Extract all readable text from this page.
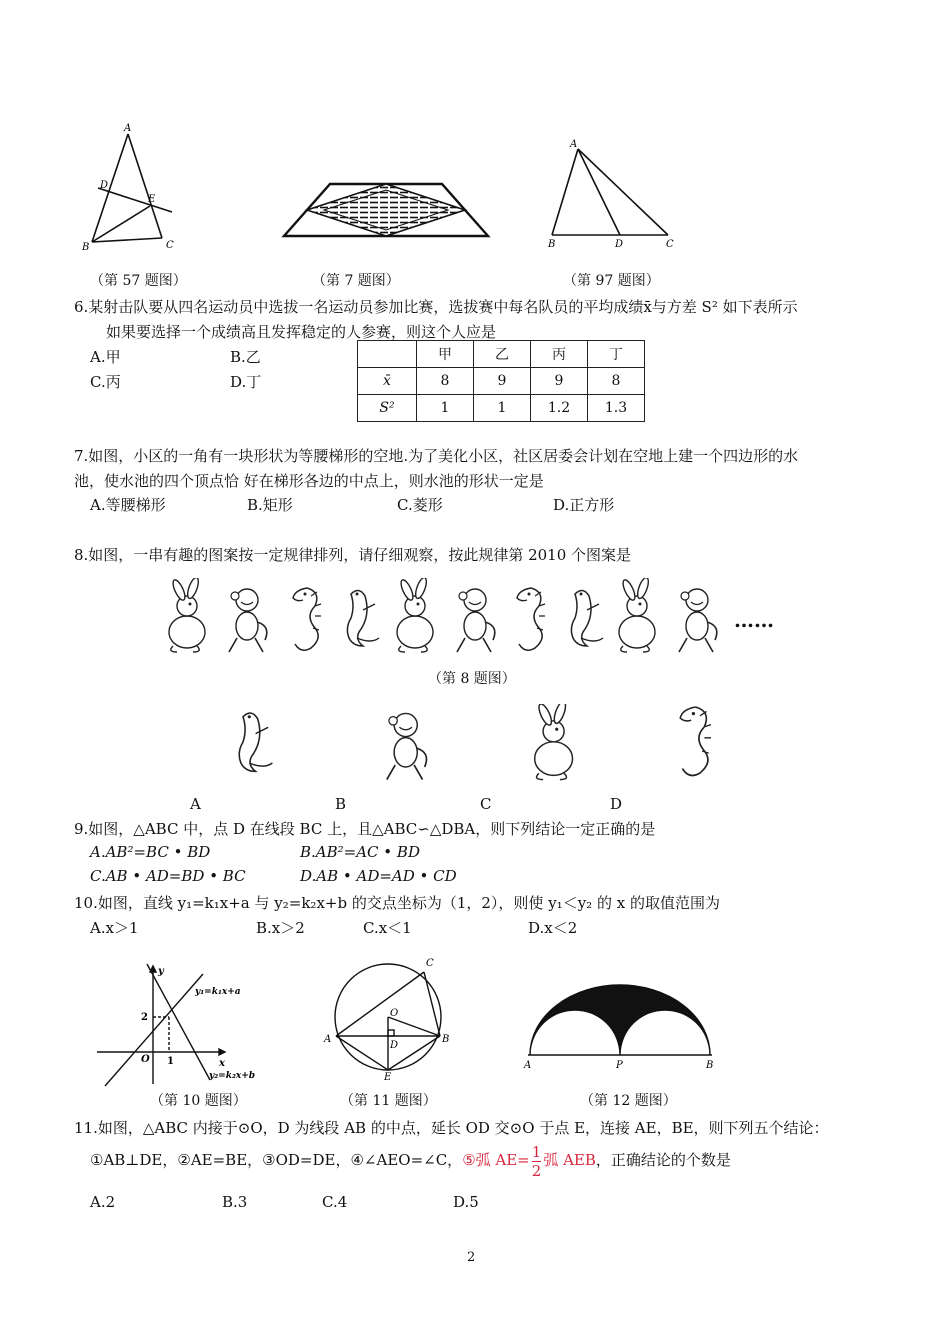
A
D
E
B	C
（第 57 题图）	（第 7 题图）
A
B	D	C
（第 97 题图）
6.某射击队要从四名运动员中选拔一名运动员参加比赛，选拔赛中每名队员的平均成绩x̄与方差 S² 如下表所示
如果要选择一个成绩高且发挥稳定的人参赛，则这个人应是
A.甲	B.乙
C.丙	D.丁
	甲	乙	丙	丁
x̄	8	9	9	8
S²	1	1	1.2	1.3
7.如图，小区的一角有一块形状为等腰梯形的空地.为了美化小区，社区居委会计划在空地上建一个四边形的水
池，使水池的四个顶点恰 好在梯形各边的中点上，则水池的形状一定是
A.等腰梯形	B.矩形	C.菱形	D.正方形
8.如图，一串有趣的图案按一定规律排列，请仔细观察，按此规律第 2010 个图案是
……
（第 8 题图）
A	B	C	D
9.如图，△ABC 中，点 D 在线段 BC 上，且△ABC∽△DBA，则下列结论一定正确的是
A.AB²=BC • BD	B.AB²=AC • BD
C.AB • AD=BD • BC	D.AB • AD=AD • CD
10.如图，直线 y₁=k₁x+a 与 y₂=k₂x+b 的交点坐标为（1，2），则使 y₁＜y₂ 的 x 的取值范围为
A.x＞1	B.x＞2	C.x＜1	D.x＜2
y
x
2
1
O
y₁=k₁x+a
y₂=k₂x+b
（第 10 题图）
C
O
A
D
B
E
（第 11 题图）
A	P	B
（第 12 题图）
11.如图，△ABC 内接于⊙O，D 为线段 AB 的中点，延长 OD 交⊙O 于点 E，连接 AE，BE，则下列五个结论：
①AB⊥DE，②AE=BE，③OD=DE，④∠AEO=∠C，⑤弧 $AE= \frac{1}{2}$ 弧 AEB，正确结论的个数是
A.2	B.3	C.4	D.5
2
